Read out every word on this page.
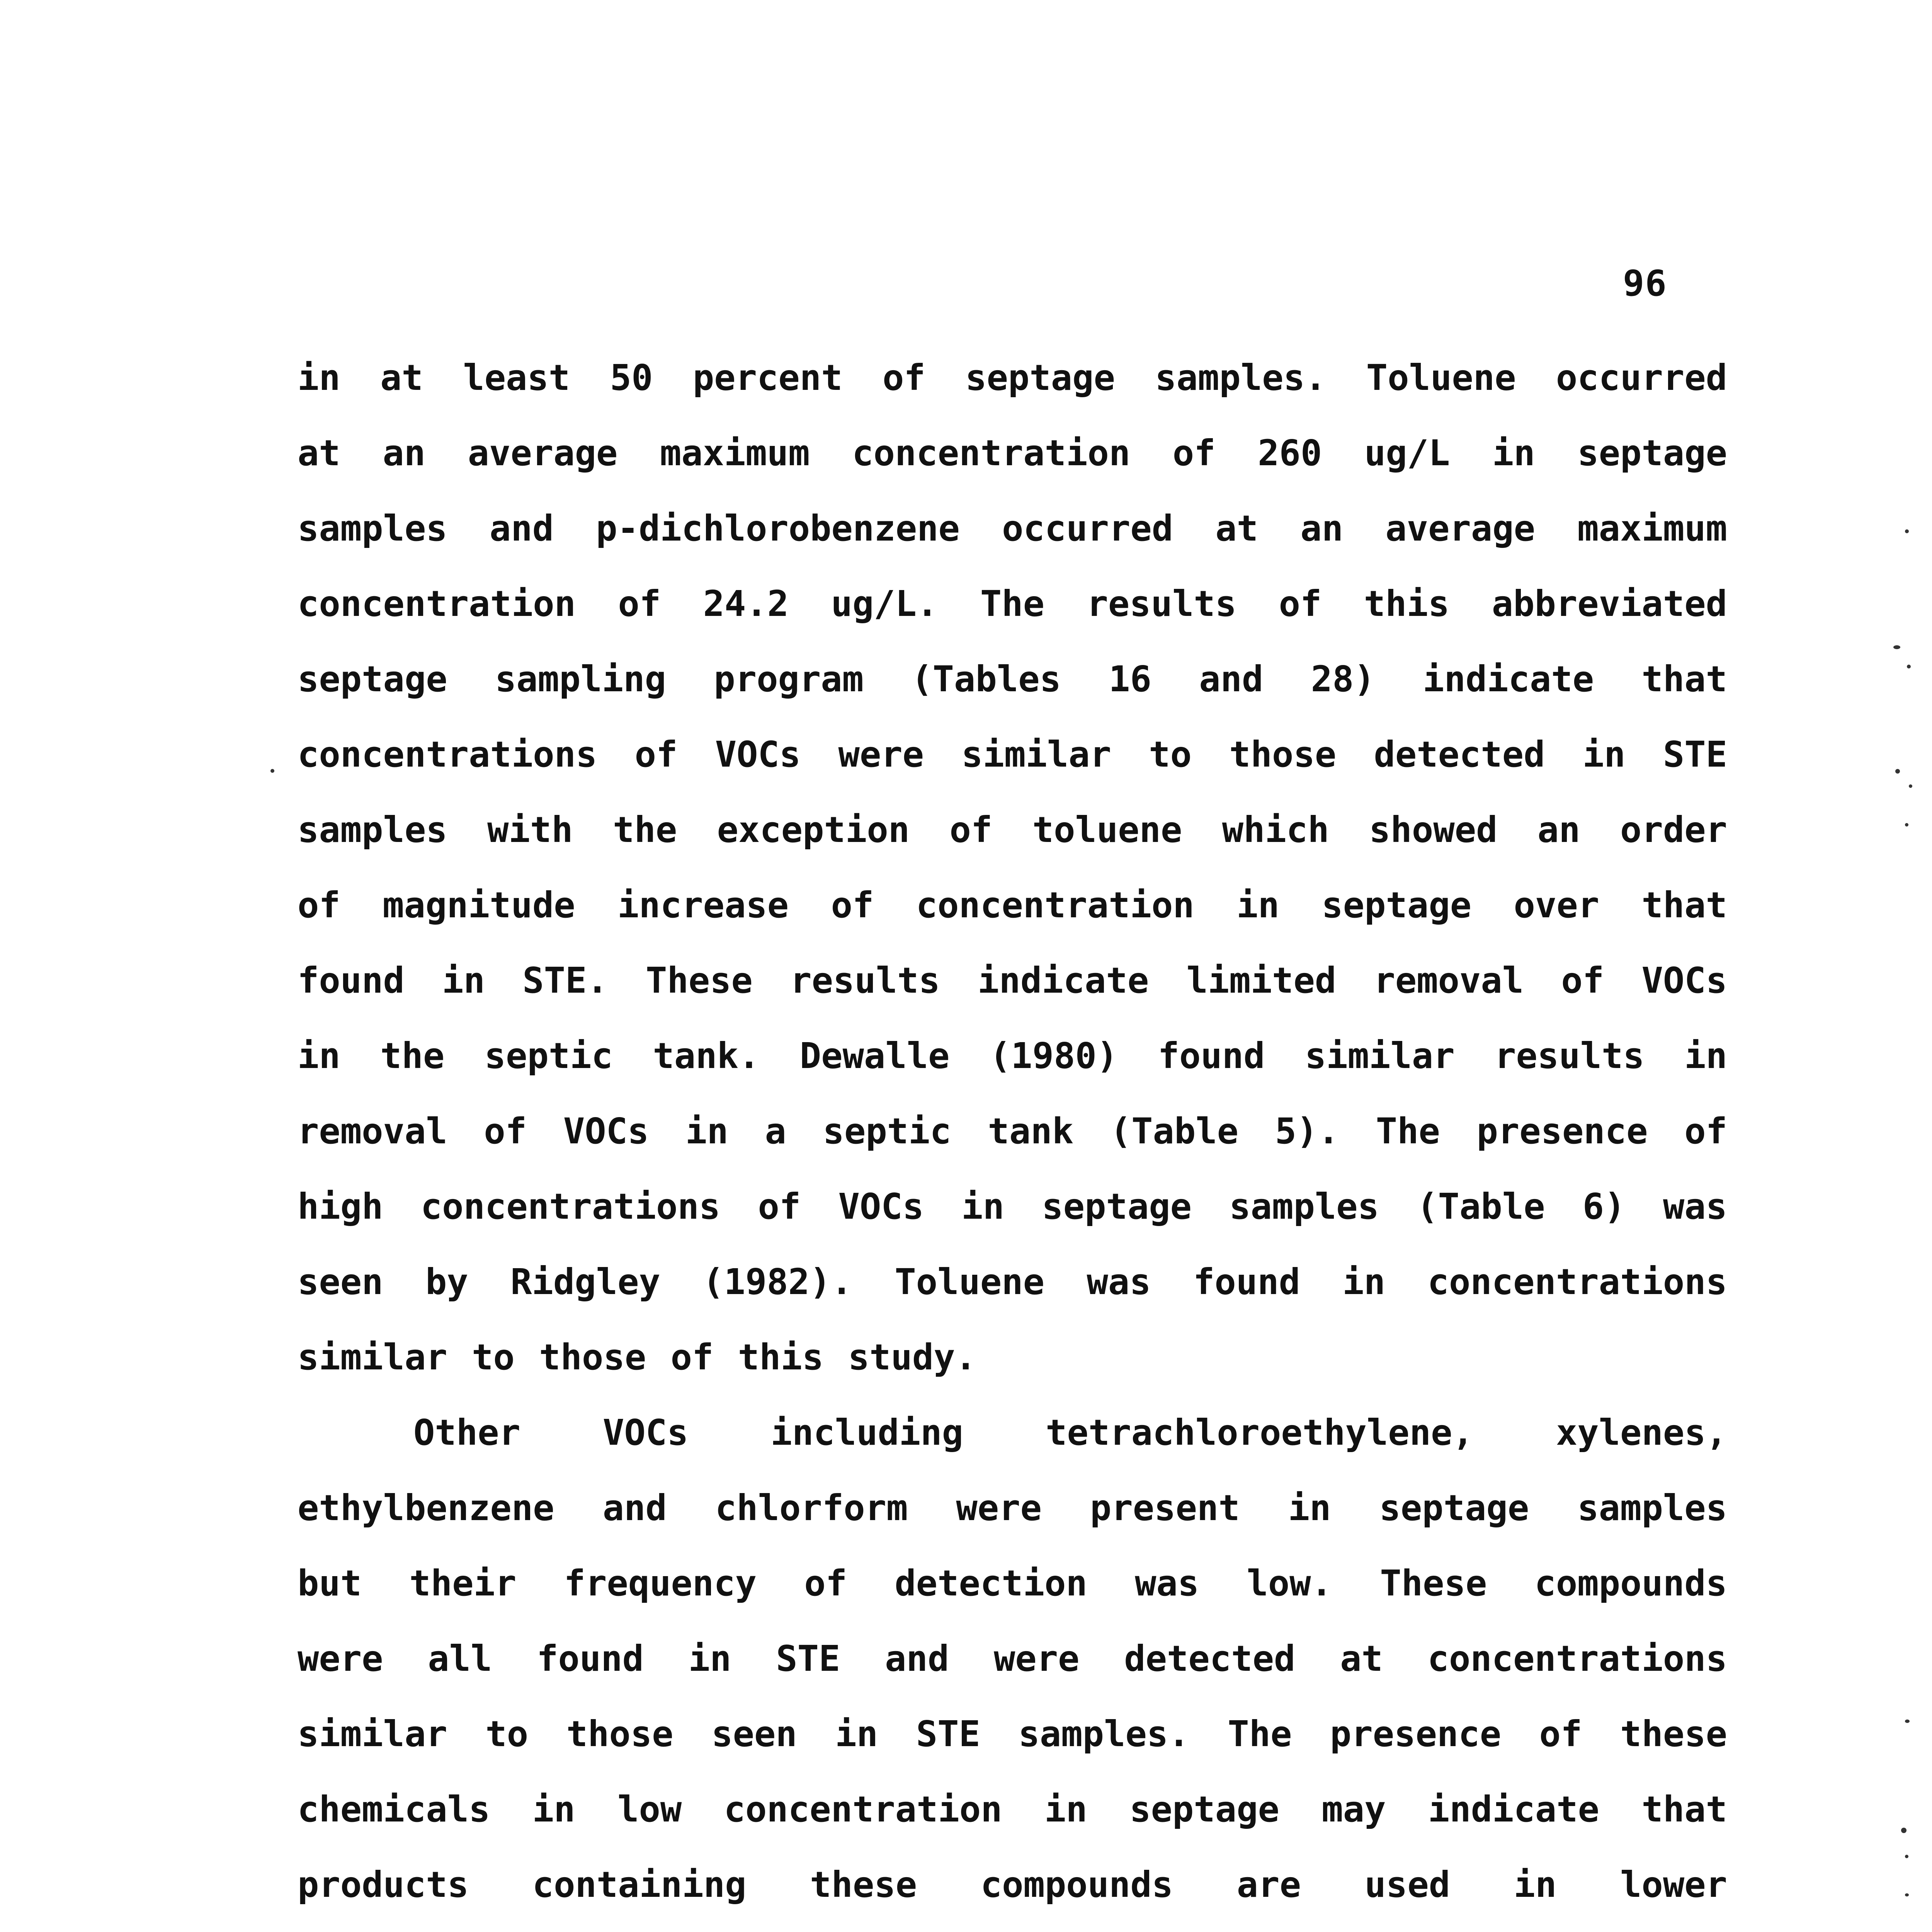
96
in at least 50 percent of septage samples. Toluene occurred
at an average maximum concentration of 260 ug/L in septage
samples and p-dichlorobenzene occurred at an average maximum
concentration of 24.2 ug/L. The results of this abbreviated
septage sampling program (Tables 16 and 28) indicate that
concentrations of VOCs were similar to those detected in STE
samples with the exception of toluene which showed an order
of magnitude increase of concentration in septage over that
found in STE. These results indicate limited removal of VOCs
in the septic tank. Dewalle (1980) found similar results in
removal of VOCs in a septic tank (Table 5). The presence of
high concentrations of VOCs in septage samples (Table 6) was
seen by Ridgley (1982). Toluene was found in concentrations
similar to those of this study.
Other VOCs including tetrachloroethylene, xylenes,
ethylbenzene and chlorform were present in septage samples
but their frequency of detection was low. These compounds
were all found in STE and were detected at concentrations
similar to those seen in STE samples. The presence of these
chemicals in low concentration in septage may indicate that
products containing these compounds are used in lower
